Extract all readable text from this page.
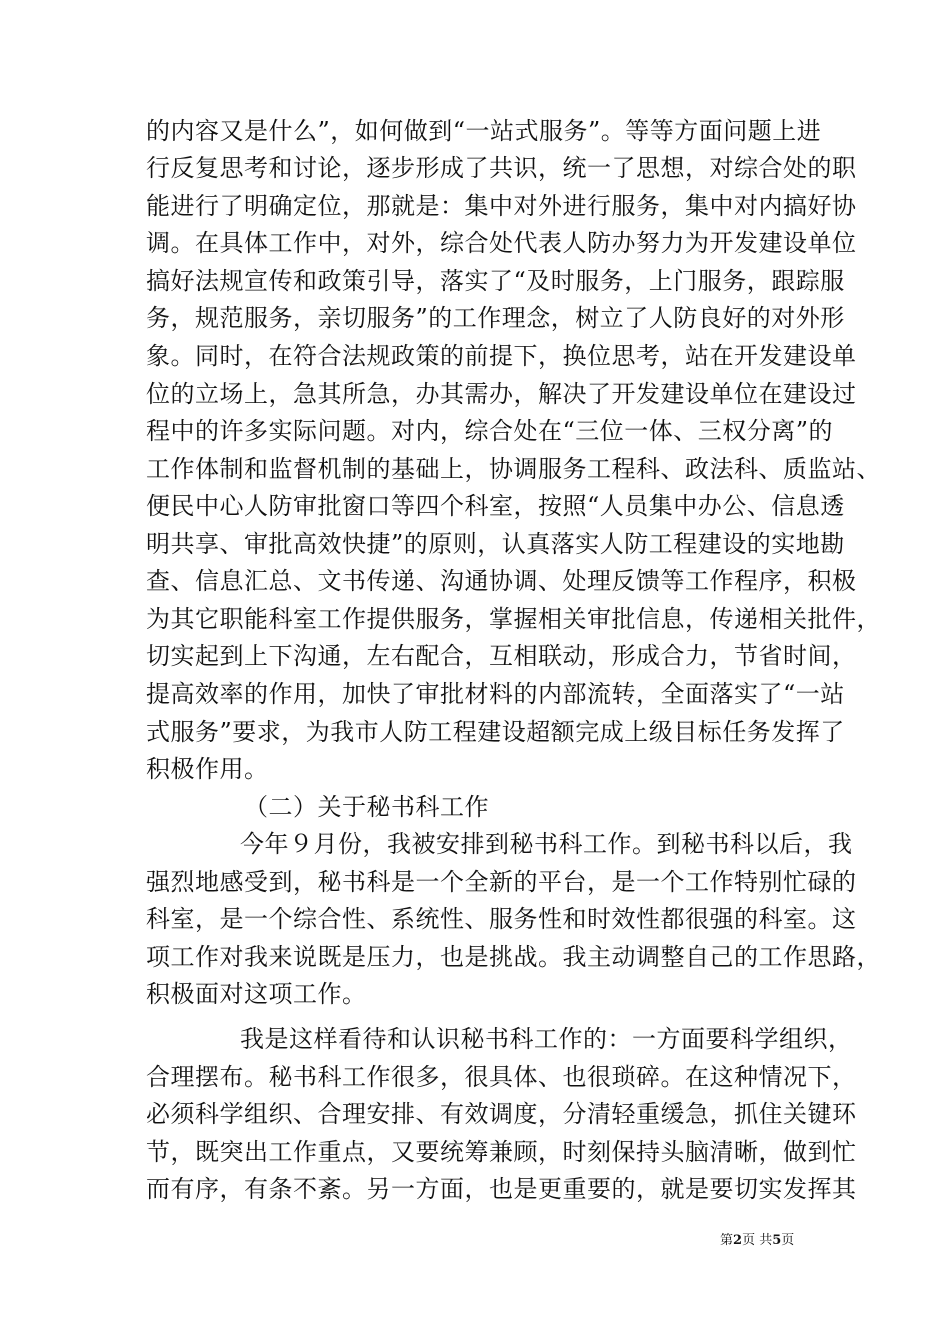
的内容又是什么”，如何做到“一站式服务”。等等方面问题上进
行反复思考和讨论，逐步形成了共识，统一了思想，对综合处的职
能进行了明确定位，那就是：集中对外进行服务，集中对内搞好协
调。在具体工作中，对外，综合处代表人防办努力为开发建设单位
搞好法规宣传和政策引导，落实了“及时服务，上门服务，跟踪服
务，规范服务，亲切服务”的工作理念，树立了人防良好的对外形
象。同时，在符合法规政策的前提下，换位思考，站在开发建设单
位的立场上，急其所急，办其需办，解决了开发建设单位在建设过
程中的许多实际问题。对内，综合处在“三位一体、三权分离”的
工作体制和监督机制的基础上，协调服务工程科、政法科、质监站、
便民中心人防审批窗口等四个科室，按照“人员集中办公、信息透
明共享、审批高效快捷”的原则，认真落实人防工程建设的实地勘
查、信息汇总、文书传递、沟通协调、处理反馈等工作程序，积极
为其它职能科室工作提供服务，掌握相关审批信息，传递相关批件，
切实起到上下沟通，左右配合，互相联动，形成合力，节省时间，
提高效率的作用，加快了审批材料的内部流转，全面落实了“一站
式服务”要求，为我市人防工程建设超额完成上级目标任务发挥了
积极作用。
（二）关于秘书科工作
今年９月份，我被安排到秘书科工作。到秘书科以后，我
强烈地感受到，秘书科是一个全新的平台，是一个工作特别忙碌的
科室，是一个综合性、系统性、服务性和时效性都很强的科室。这
项工作对我来说既是压力，也是挑战。我主动调整自己的工作思路，
积极面对这项工作。
我是这样看待和认识秘书科工作的：一方面要科学组织，
合理摆布。秘书科工作很多，很具体、也很琐碎。在这种情况下，
必须科学组织、合理安排、有效调度，分清轻重缓急，抓住关键环
节，既突出工作重点，又要统筹兼顾，时刻保持头脑清晰，做到忙
而有序，有条不紊。另一方面，也是更重要的，就是要切实发挥其
第2页 共5页
